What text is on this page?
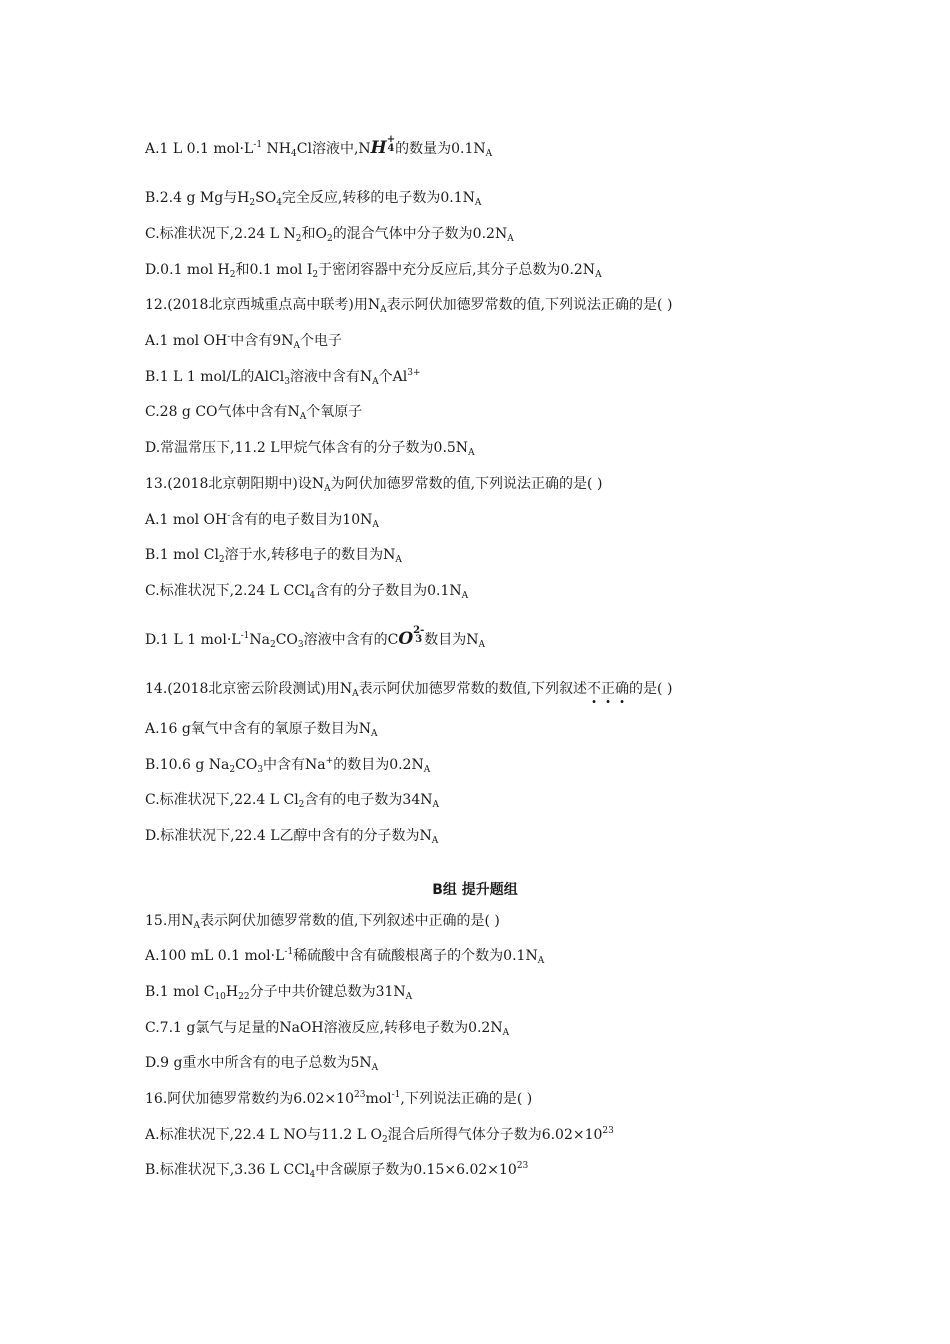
A.1 L 0.1 $mol\cdot L^{-1}$ $NH_4Cl$溶液中,NH+
4的数量为$0.1N_A$
B.2.4 g Mg与$H_2SO_4$完全反应,转移的电子数为$0.1N_A$
C.标准状况下,2.24 L $N_2$和$O_2$的混合气体中分子数为$0.2N_A$
D.0.1 mol $H_2$和0.1 mol $I_2$于密闭容器中充分反应后,其分子总数为$0.2N_A$
12.(2018北京西城重点高中联考)用$N_A$表示阿伏加德罗常数的值,下列说法正确的是( )
A.1 mol OH-中含有$9N_A$个电子
B.1 L 1 mol/L的AlCl$_3$溶液中含有$N_A$个$Al^{3+}$
C.28 g CO气体中含有$N_A$个氧原子
D.常温常压下,11.2 L甲烷气体含有的分子数为$0.5N_A$
13.(2018北京朝阳期中)设$N_A$为阿伏加德罗常数的值,下列说法正确的是( )
A.1 mol OH-含有的电子数目为$10N_A$
B.1 mol $Cl_2$溶于水,转移电子的数目为$N_A$
C.标准状况下,2.24 L CCl$_4$含有的分子数目为$0.1N_A$
D.1 L 1 $mol\cdot L^{-1}Na_2CO_3$溶液中含有的CO2-
3 数目为$N_A$
14.(2018北京密云阶段测试)用$N_A$表示阿伏加德罗常数的数值,下列叙述不正确的是( )
A.16 g氧气中含有的氧原子数目为$N_A$
B.10.6 g $Na_2CO_3$中含有Na+的数目为$0.2N_A$
C.标准状况下,22.4 L $Cl_2$含有的电子数为$34N_A$
D.标准状况下,22.4 L乙醇中含有的分子数为$N_A$
B组 提升题组
15.用$N_A$表示阿伏加德罗常数的值,下列叙述中正确的是( )
A.100 mL 0.1 $mol\cdot L^{-1}$稀硫酸中含有硫酸根离子的个数为$0.1N_A$
B.1 mol $C_{10}H_{22}$分子中共价键总数为$31N_A$
C.7.1 g氯气与足量的NaOH溶液反应,转移电子数为$0.2N_A$
D.9 g重水中所含有的电子总数为$5N_A$
16.阿伏加德罗常数约为$6.02\times 10^{23}mol^{-1}$,下列说法正确的是( )
A.标准状况下,22.4 L NO与11.2 L $O_2$混合后所得气体分子数为$6.02\times 10^{23}$
B.标准状况下,3.36 L CCl$_4$中含碳原子数为$0.15\times 6.02\times 10^{23}$
